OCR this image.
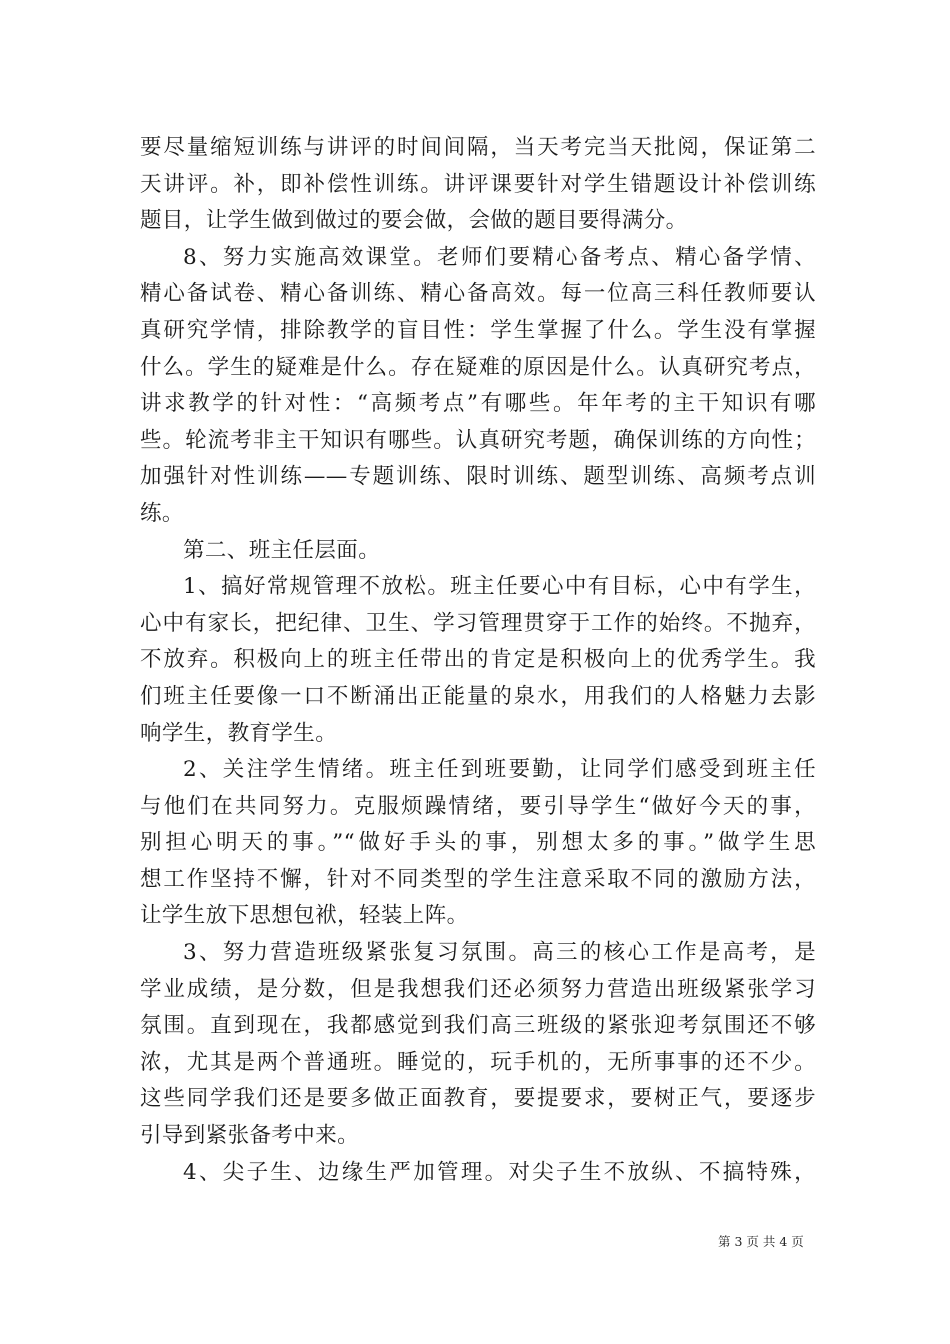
要尽量缩短训练与讲评的时间间隔，当天考完当天批阅，保证第二
天讲评。补，即补偿性训练。讲评课要针对学生错题设计补偿训练
题目，让学生做到做过的要会做，会做的题目要得满分。
8、努力实施高效课堂。老师们要精心备考点、精心备学情、
精心备试卷、精心备训练、精心备高效。每一位高三科任教师要认
真研究学情，排除教学的盲目性：学生掌握了什么。学生没有掌握
什么。学生的疑难是什么。存在疑难的原因是什么。认真研究考点，
讲求教学的针对性：“高频考点”有哪些。年年考的主干知识有哪
些。轮流考非主干知识有哪些。认真研究考题，确保训练的方向性；
加强针对性训练——专题训练、限时训练、题型训练、高频考点训
练。
第二、班主任层面。
1、搞好常规管理不放松。班主任要心中有目标，心中有学生，
心中有家长，把纪律、卫生、学习管理贯穿于工作的始终。不抛弃，
不放弃。积极向上的班主任带出的肯定是积极向上的优秀学生。我
们班主任要像一口不断涌出正能量的泉水，用我们的人格魅力去影
响学生，教育学生。
2、关注学生情绪。班主任到班要勤，让同学们感受到班主任
与他们在共同努力。克服烦躁情绪，要引导学生“做好今天的事，
别担心明天的事。”“做好手头的事，别想太多的事。”做学生思
想工作坚持不懈，针对不同类型的学生注意采取不同的激励方法，
让学生放下思想包袱，轻装上阵。
3、努力营造班级紧张复习氛围。高三的核心工作是高考，是
学业成绩，是分数，但是我想我们还必须努力营造出班级紧张学习
氛围。直到现在，我都感觉到我们高三班级的紧张迎考氛围还不够
浓，尤其是两个普通班。睡觉的，玩手机的，无所事事的还不少。
这些同学我们还是要多做正面教育，要提要求，要树正气，要逐步
引导到紧张备考中来。
4、尖子生、边缘生严加管理。对尖子生不放纵、不搞特殊，
第 3 页 共 4 页
